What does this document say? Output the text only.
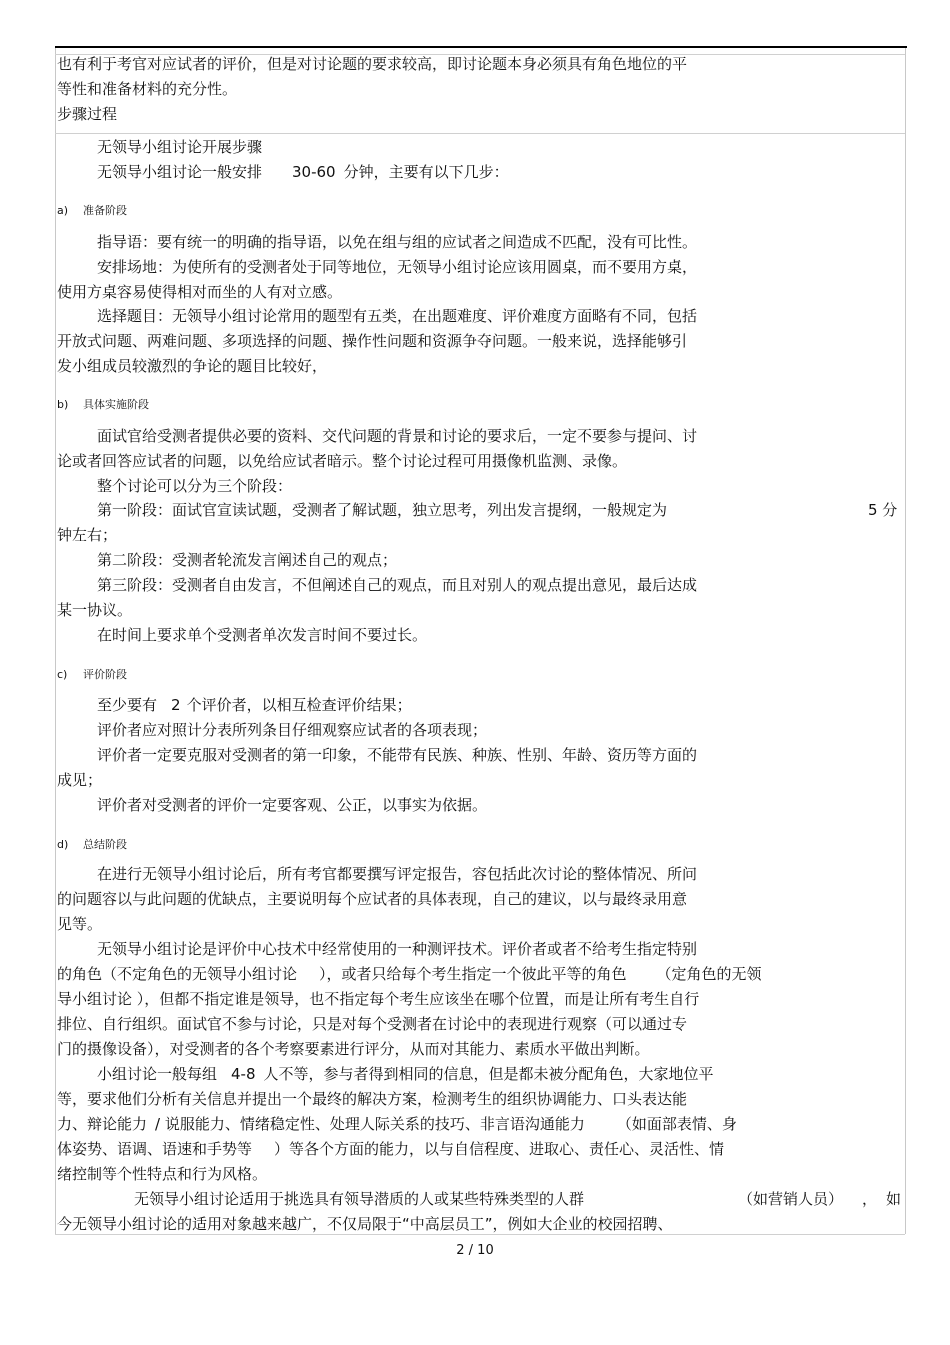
也有利于考官对应试者的评价，但是对讨论题的要求较高，即讨论题本身必须具有角色地位的平
等性和准备材料的充分性。
步骤过程
无领导小组讨论开展步骤
无领导小组讨论一般安排 30-60 分钟，主要有以下几步：
a) 准备阶段
指导语：要有统一的明确的指导语，以免在组与组的应试者之间造成不匹配，没有可比性。
安排场地：为使所有的受测者处于同等地位，无领导小组讨论应该用圆桌，而不要用方桌，
使用方桌容易使得相对而坐的人有对立感。
选择题目：无领导小组讨论常用的题型有五类，在出题难度、评价难度方面略有不同，包括
开放式问题、两难问题、多项选择的问题、操作性问题和资源争夺问题。一般来说，选择能够引
发小组成员较激烈的争论的题目比较好，
b) 具体实施阶段
面试官给受测者提供必要的资料、交代问题的背景和讨论的要求后，一定不要参与提问、讨
论或者回答应试者的问题，以免给应试者暗示。整个讨论过程可用摄像机监测、录像。
整个讨论可以分为三个阶段：
第一阶段：面试官宣读试题，受测者了解试题，独立思考，列出发言提纲，一般规定为	5 分
钟左右；
第二阶段：受测者轮流发言阐述自己的观点；
第三阶段：受测者自由发言，不但阐述自己的观点，而且对别人的观点提出意见，最后达成
某一协议。
在时间上要求单个受测者单次发言时间不要过长。
c) 评价阶段
至少要有 2 个评价者，以相互检查评价结果；
评价者应对照计分表所列条目仔细观察应试者的各项表现；
评价者一定要克服对受测者的第一印象，不能带有民族、种族、性别、年龄、资历等方面的
成见；
评价者对受测者的评价一定要客观、公正，以事实为依据。
d) 总结阶段
在进行无领导小组讨论后，所有考官都要撰写评定报告，容包括此次讨论的整体情况、所问
的问题容以与此问题的优缺点，主要说明每个应试者的具体表现，自己的建议，以与最终录用意
见等。
无领导小组讨论是评价中心技术中经常使用的一种测评技术。评价者或者不给考生指定特别
的角色（不定角色的无领导小组讨论 ），或者只给每个考生指定一个彼此平等的角色 （定角色的无领
导小组讨论 ），但都不指定谁是领导，也不指定每个考生应该坐在哪个位置，而是让所有考生自行
排位、自行组织。面试官不参与讨论，只是对每个受测者在讨论中的表现进行观察（可以通过专
门的摄像设备），对受测者的各个考察要素进行评分，从而对其能力、素质水平做出判断。
小组讨论一般每组 4-8 人不等，参与者得到相同的信息，但是都未被分配角色，大家地位平
等，要求他们分析有关信息并提出一个最终的解决方案，检测考生的组织协调能力、口头表达能
力、辩论能力 / 说服能力、情绪稳定性、处理人际关系的技巧、非言语沟通能力 （如面部表情、身
体姿势、语调、语速和手势等 ）等各个方面的能力，以与自信程度、进取心、责任心、灵活性、情
绪控制等个性特点和行为风格。
无领导小组讨论适用于挑选具有领导潜质的人或某些特殊类型的人群	（如营销人员） ， 如
今无领导小组讨论的适用对象越来越广，不仅局限于“中高层员工”，例如大企业的校园招聘、
2 / 10
